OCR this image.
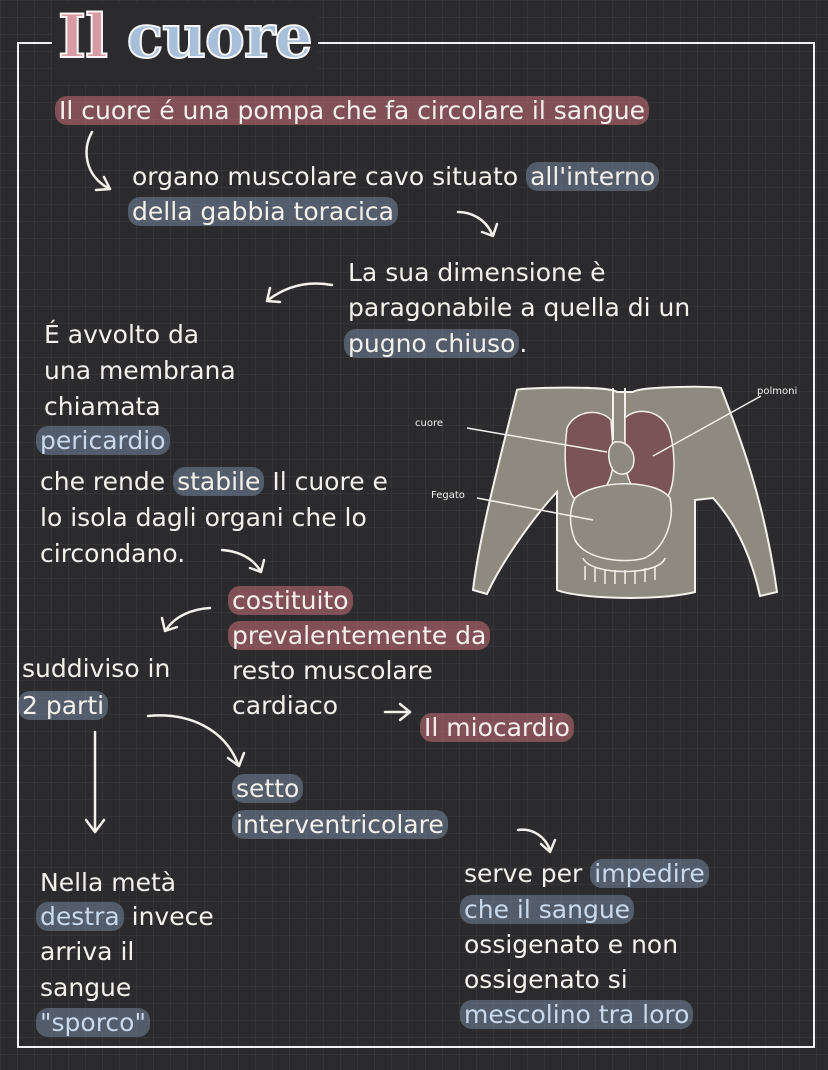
Il cuore
Il cuore é una pompa che fa circolare il sangue
organo muscolare cavo situato all'interno
della gabbia toracica
La sua dimensione è
paragonabile a quella di un
pugno chiuso .
É avvolto da
una membrana
chiamata
pericardio
che rende stabile Il cuore e
lo isola dagli organi che lo
circondano.
costituito
prevalentemente da
resto muscolare
cardiaco
Il miocardio
suddiviso in
2 parti
setto
interventricolare
serve per impedire
che il sangue
ossigenato e non
ossigenato si
mescolino tra loro
Nella metà
destra invece
arriva il
sangue
"sporco"
cuore
Fegato
polmoni
